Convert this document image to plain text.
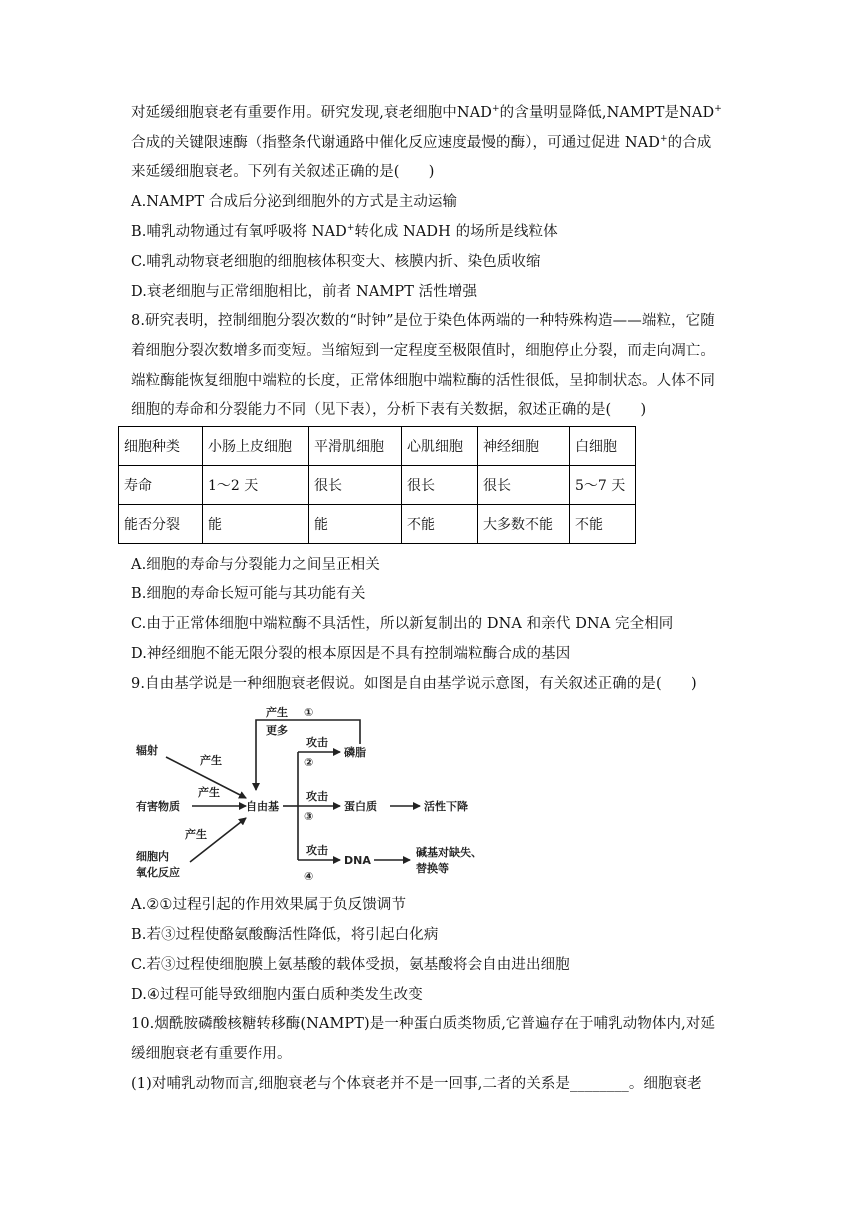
对延缓细胞衰老有重要作用。研究发现,衰老细胞中NAD+的含量明显降低,NAMPT是NAD+
合成的关键限速酶（指整条代谢通路中催化反应速度最慢的酶），可通过促进 NAD+的合成
来延缓细胞衰老。下列有关叙述正确的是(　　)
A.NAMPT 合成后分泌到细胞外的方式是主动运输
B.哺乳动物通过有氧呼吸将 NAD+转化成 NADH 的场所是线粒体
C.哺乳动物衰老细胞的细胞核体积变大、核膜内折、染色质收缩
D.衰老细胞与正常细胞相比，前者 NAMPT 活性增强
8.研究表明，控制细胞分裂次数的“时钟”是位于染色体两端的一种特殊构造——端粒，它随
着细胞分裂次数增多而变短。当缩短到一定程度至极限值时，细胞停止分裂，而走向凋亡。
端粒酶能恢复细胞中端粒的长度，正常体细胞中端粒酶的活性很低，呈抑制状态。人体不同
细胞的寿命和分裂能力不同（见下表），分析下表有关数据，叙述正确的是(　　)
细胞种类	小肠上皮细胞	平滑肌细胞	心肌细胞	神经细胞	白细胞
寿命	1～2 天	很长	很长	很长	5～7 天
能否分裂	能	能	不能	大多数不能	不能
A.细胞的寿命与分裂能力之间呈正相关
B.细胞的寿命长短可能与其功能有关
C.由于正常体细胞中端粒酶不具活性，所以新复制出的 DNA 和亲代 DNA 完全相同
D.神经细胞不能无限分裂的根本原因是不具有控制端粒酶合成的基因
9.自由基学说是一种细胞衰老假说。如图是自由基学说示意图，有关叙述正确的是(　　)
辐射
产生
有害物质
产生
细胞内
氧化反应
产生
自由基
产生 ①
更多
攻击
②
磷脂
攻击
③
蛋白质	活性下降
攻击
④
DNA
碱基对缺失、
替换等
A.②①过程引起的作用效果属于负反馈调节
B.若③过程使酪氨酸酶活性降低，将引起白化病
C.若③过程使细胞膜上氨基酸的载体受损，氨基酸将会自由进出细胞
D.④过程可能导致细胞内蛋白质种类发生改变
10.烟酰胺磷酸核糖转移酶(NAMPT)是一种蛋白质类物质,它普遍存在于哺乳动物体内,对延
缓细胞衰老有重要作用。
(1)对哺乳动物而言,细胞衰老与个体衰老并不是一回事,二者的关系是________。细胞衰老
